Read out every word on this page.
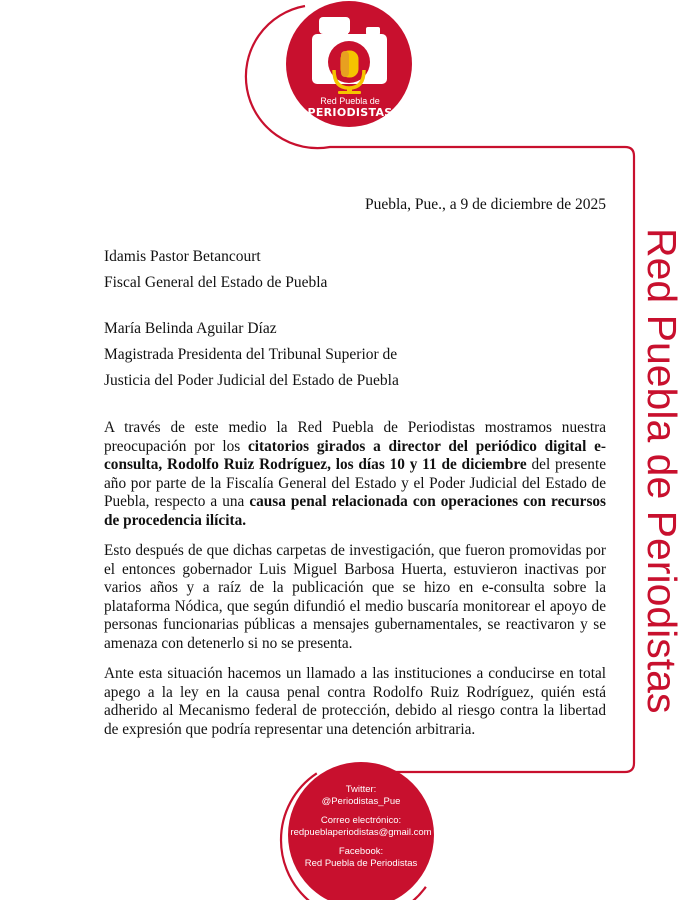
Red Puebla de
PERIODISTAS
Red Puebla de Periodistas
Puebla, Pue., a 9 de diciembre de 2025
Idamis Pastor Betancourt
Fiscal General del Estado de Puebla
María Belinda Aguilar Díaz
Magistrada Presidenta del Tribunal Superior de
Justicia del Poder Judicial del Estado de Puebla

A través de este medio la Red Puebla de Periodistas mostramos nuestra preocupación por los citatorios girados a director del periódico digital e-consulta, Rodolfo Ruiz Rodríguez, los días 10 y 11 de diciembre del presente año por parte de la Fiscalía General del Estado y el Poder Judicial del Estado de Puebla, respecto a una causa penal relacionada con operaciones con recursos de procedencia ilícita.

Esto después de que dichas carpetas de investigación, que fueron promovidas por el entonces gobernador Luis Miguel Barbosa Huerta, estuvieron inactivas por varios años y a raíz de la publicación que se hizo en e-consulta sobre la plataforma Nódica, que según difundió el medio buscaría monitorear el apoyo de personas funcionarias públicas a mensajes gubernamentales, se reactivaron y se amenaza con detenerlo si no se presenta.

Ante esta situación hacemos un llamado a las instituciones a conducirse en total apego a la ley en la causa penal contra Rodolfo Ruiz Rodríguez, quién está adherido al Mecanismo federal de protección, debido al riesgo contra la libertad de expresión que podría representar una detención arbitraria.

Twitter:
@Periodistas_Pue
Correo electrónico:
redpueblaperiodistas@gmail.com
Facebook:
Red Puebla de Periodistas
